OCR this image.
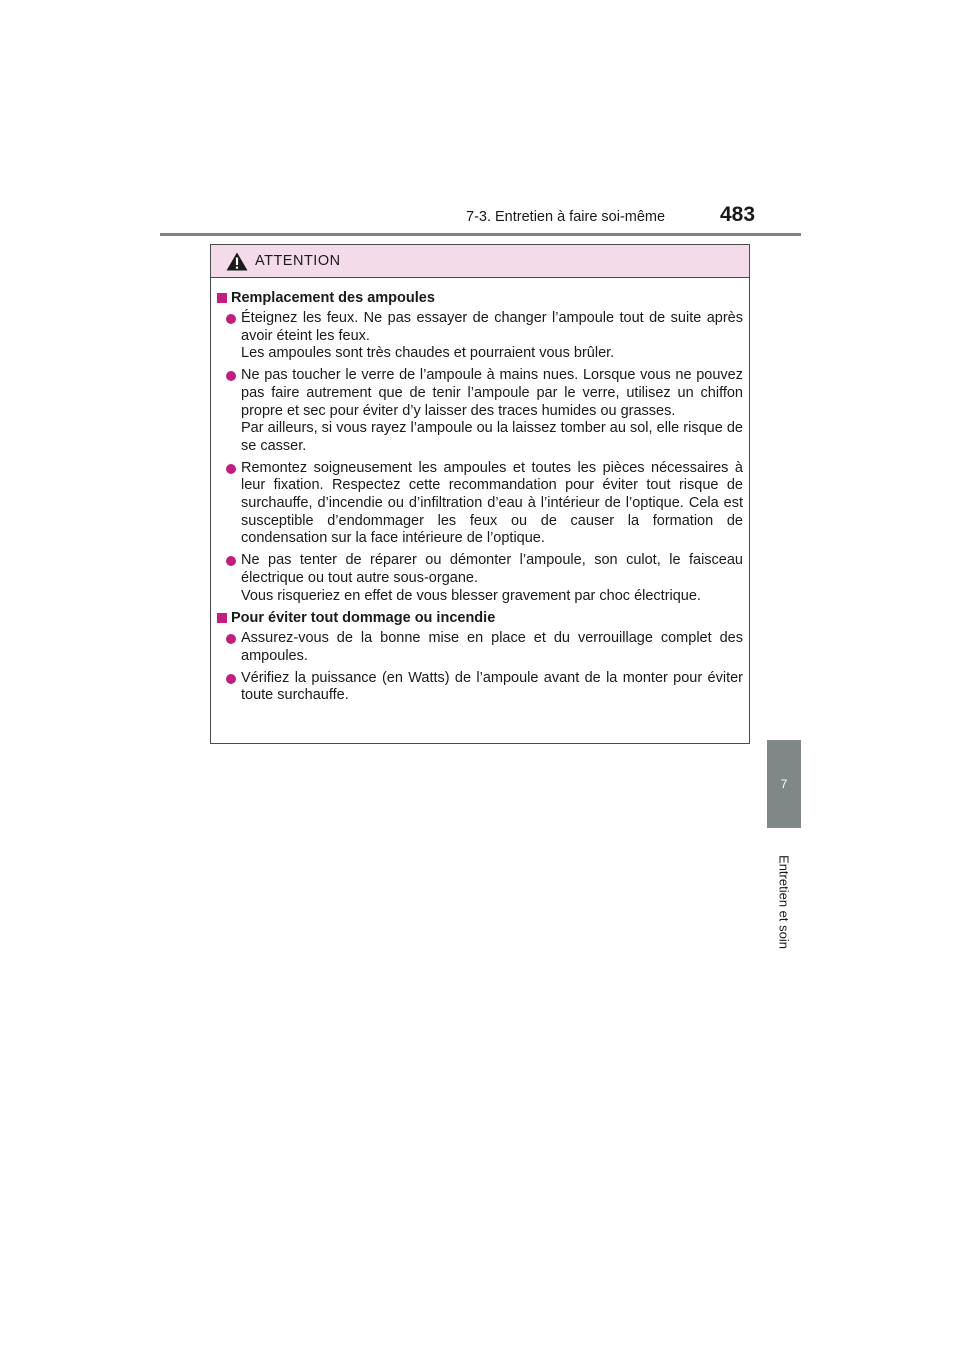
7-3. Entretien à faire soi-même	483
7
Entretien et soin
ATTENTION
Remplacement des ampoules

Éteignez les feux. Ne pas essayer de changer l’ampoule tout de suite après avoir éteint les feux.

Les ampoules sont très chaudes et pourraient vous brûler.

Ne pas toucher le verre de l’ampoule à mains nues. Lorsque vous ne pouvez pas faire autrement que de tenir l’ampoule par le verre, utilisez un chiffon propre et sec pour éviter d’y laisser des traces humides ou grasses.

Par ailleurs, si vous rayez l’ampoule ou la laissez tomber au sol, elle risque de se casser.

Remontez soigneusement les ampoules et toutes les pièces nécessaires à leur fixation. Respectez cette recommandation pour éviter tout risque de surchauffe, d’incendie ou d’infiltration d’eau à l’intérieur de l’optique. Cela est susceptible d’endommager les feux ou de causer la formation de condensation sur la face intérieure de l’optique.

Ne pas tenter de réparer ou démonter l’ampoule, son culot, le faisceau électrique ou tout autre sous-organe.

Vous risqueriez en effet de vous blesser gravement par choc électrique.

Pour éviter tout dommage ou incendie

Assurez-vous de la bonne mise en place et du verrouillage complet des ampoules.

Vérifiez la puissance (en Watts) de l’ampoule avant de la monter pour éviter toute surchauffe.
